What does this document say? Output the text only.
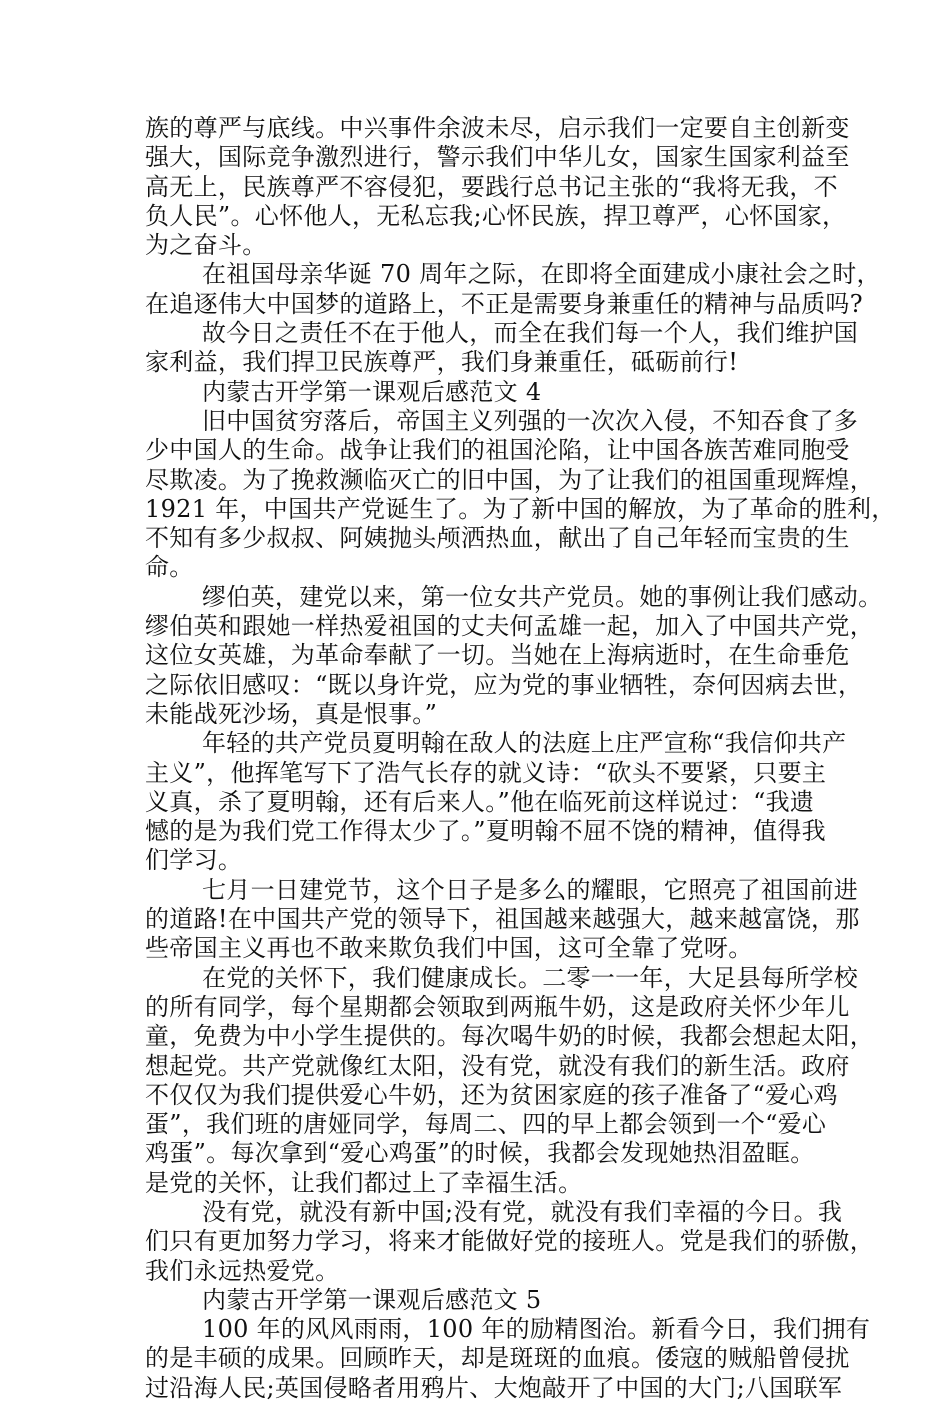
族的尊严与底线。中兴事件余波未尽，启示我们一定要自主创新变
强大，国际竞争激烈进行，警示我们中华儿女，国家生国家利益至
高无上，民族尊严不容侵犯，要践行总书记主张的“我将无我，不
负人民”。心怀他人，无私忘我;心怀民族，捍卫尊严，心怀国家，
为之奋斗。
在祖国母亲华诞 70 周年之际，在即将全面建成小康社会之时，
在追逐伟大中国梦的道路上，不正是需要身兼重任的精神与品质吗?
故今日之责任不在于他人，而全在我们每一个人，我们维护国
家利益，我们捍卫民族尊严，我们身兼重任，砥砺前行!
内蒙古开学第一课观后感范文 4
旧中国贫穷落后，帝国主义列强的一次次入侵，不知吞食了多
少中国人的生命。战争让我们的祖国沦陷，让中国各族苦难同胞受
尽欺凌。为了挽救濒临灭亡的旧中国，为了让我们的祖国重现辉煌，
1921 年，中国共产党诞生了。为了新中国的解放，为了革命的胜利，
不知有多少叔叔、阿姨抛头颅洒热血，献出了自己年轻而宝贵的生
命。
缪伯英，建党以来，第一位女共产党员。她的事例让我们感动。
缪伯英和跟她一样热爱祖国的丈夫何孟雄一起，加入了中国共产党，
这位女英雄，为革命奉献了一切。当她在上海病逝时，在生命垂危
之际依旧感叹：“既以身许党，应为党的事业牺牲，奈何因病去世，
未能战死沙场，真是恨事。”
年轻的共产党员夏明翰在敌人的法庭上庄严宣称“我信仰共产
主义”，他挥笔写下了浩气长存的就义诗：“砍头不要紧，只要主
义真，杀了夏明翰，还有后来人。”他在临死前这样说过：“我遗
憾的是为我们党工作得太少了。”夏明翰不屈不饶的精神，值得我
们学习。
七月一日建党节，这个日子是多么的耀眼，它照亮了祖国前进
的道路!在中国共产党的领导下，祖国越来越强大，越来越富饶，那
些帝国主义再也不敢来欺负我们中国，这可全靠了党呀。
在党的关怀下，我们健康成长。二零一一年，大足县每所学校
的所有同学，每个星期都会领取到两瓶牛奶，这是政府关怀少年儿
童，免费为中小学生提供的。每次喝牛奶的时候，我都会想起太阳，
想起党。共产党就像红太阳，没有党，就没有我们的新生活。政府
不仅仅为我们提供爱心牛奶，还为贫困家庭的孩子准备了“爱心鸡
蛋”，我们班的唐娅同学，每周二、四的早上都会领到一个“爱心
鸡蛋”。每次拿到“爱心鸡蛋”的时候，我都会发现她热泪盈眶。
是党的关怀，让我们都过上了幸福生活。
没有党，就没有新中国;没有党，就没有我们幸福的今日。我
们只有更加努力学习，将来才能做好党的接班人。党是我们的骄傲，
我们永远热爱党。
内蒙古开学第一课观后感范文 5
100 年的风风雨雨，100 年的励精图治。新看今日，我们拥有
的是丰硕的成果。回顾昨天，却是斑斑的血痕。倭寇的贼船曾侵扰
过沿海人民;英国侵略者用鸦片、大炮敲开了中国的大门;八国联军
